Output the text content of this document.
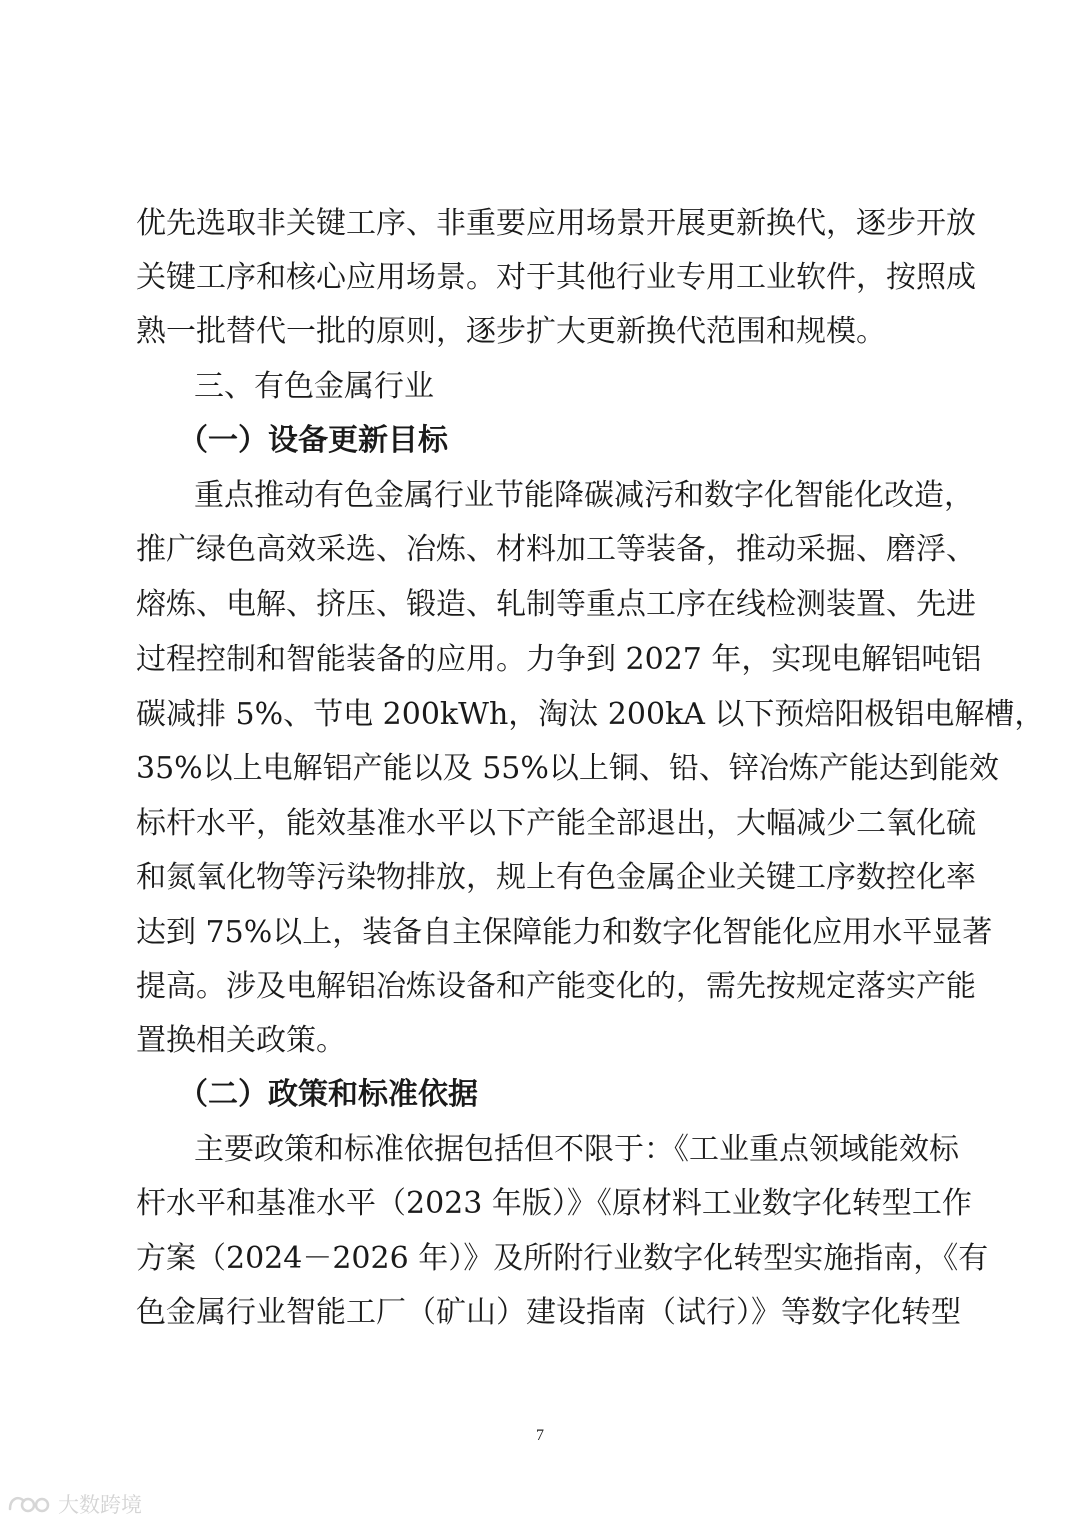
优先选取非关键工序、非重要应用场景开展更新换代，逐步开放
关键工序和核心应用场景。对于其他行业专用工业软件，按照成
熟一批替代一批的原则，逐步扩大更新换代范围和规模。
三、有色金属行业
（一）设备更新目标
重点推动有色金属行业节能降碳减污和数字化智能化改造，
推广绿色高效采选、冶炼、材料加工等装备，推动采掘、磨浮、
熔炼、电解、挤压、锻造、轧制等重点工序在线检测装置、先进
过程控制和智能装备的应用。力争到 2027 年，实现电解铝吨铝
碳减排 5%、节电 200kWh，淘汰 200kA 以下预焙阳极铝电解槽，
35%以上电解铝产能以及 55%以上铜、铅、锌冶炼产能达到能效
标杆水平，能效基准水平以下产能全部退出，大幅减少二氧化硫
和氮氧化物等污染物排放，规上有色金属企业关键工序数控化率
达到 75%以上，装备自主保障能力和数字化智能化应用水平显著
提高。涉及电解铝冶炼设备和产能变化的，需先按规定落实产能
置换相关政策。
（二）政策和标准依据
主要政策和标准依据包括但不限于：《工业重点领域能效标
杆水平和基准水平（2023 年版）》《原材料工业数字化转型工作
方案（2024－2026 年）》及所附行业数字化转型实施指南，《有
色金属行业智能工厂（矿山）建设指南（试行）》等数字化转型
7
大数跨境
